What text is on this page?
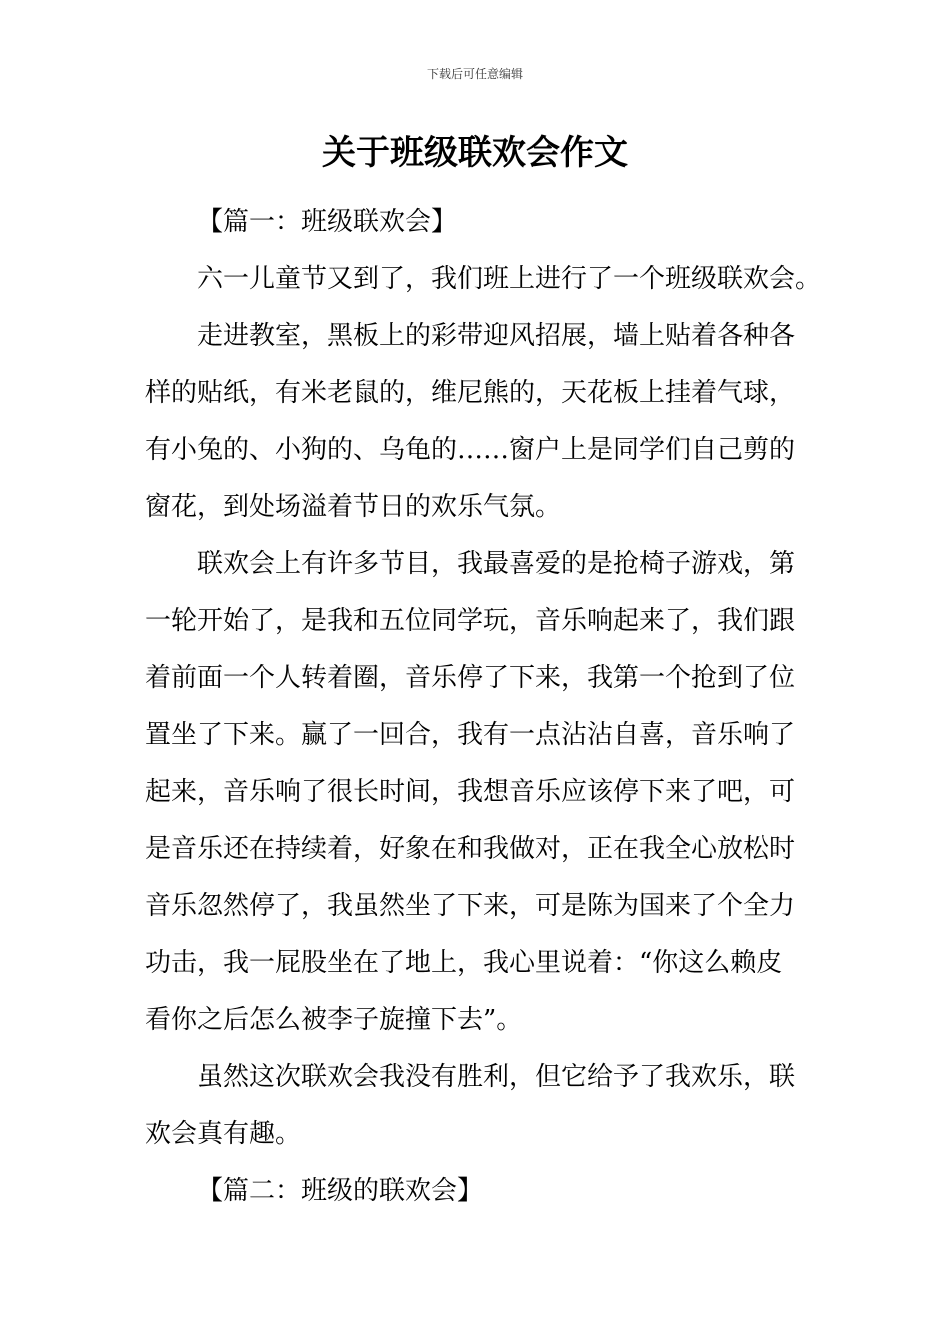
下载后可任意编辑
关于班级联欢会作文
【篇一：班级联欢会】
六一儿童节又到了，我们班上进行了一个班级联欢会。
走进教室，黑板上的彩带迎风招展，墙上贴着各种各
样的贴纸，有米老鼠的，维尼熊的，天花板上挂着气球，
有小兔的、小狗的、乌龟的……窗户上是同学们自己剪的
窗花，到处场溢着节日的欢乐气氛。
联欢会上有许多节目，我最喜爱的是抢椅子游戏，第
一轮开始了，是我和五位同学玩，音乐响起来了，我们跟
着前面一个人转着圈，音乐停了下来，我第一个抢到了位
置坐了下来。赢了一回合，我有一点沾沾自喜，音乐响了
起来，音乐响了很长时间，我想音乐应该停下来了吧，可
是音乐还在持续着，好象在和我做对，正在我全心放松时
音乐忽然停了，我虽然坐了下来，可是陈为国来了个全力
功击，我一屁股坐在了地上，我心里说着：“你这么赖皮
看你之后怎么被李子旋撞下去”。
虽然这次联欢会我没有胜利，但它给予了我欢乐，联
欢会真有趣。
【篇二：班级的联欢会】
